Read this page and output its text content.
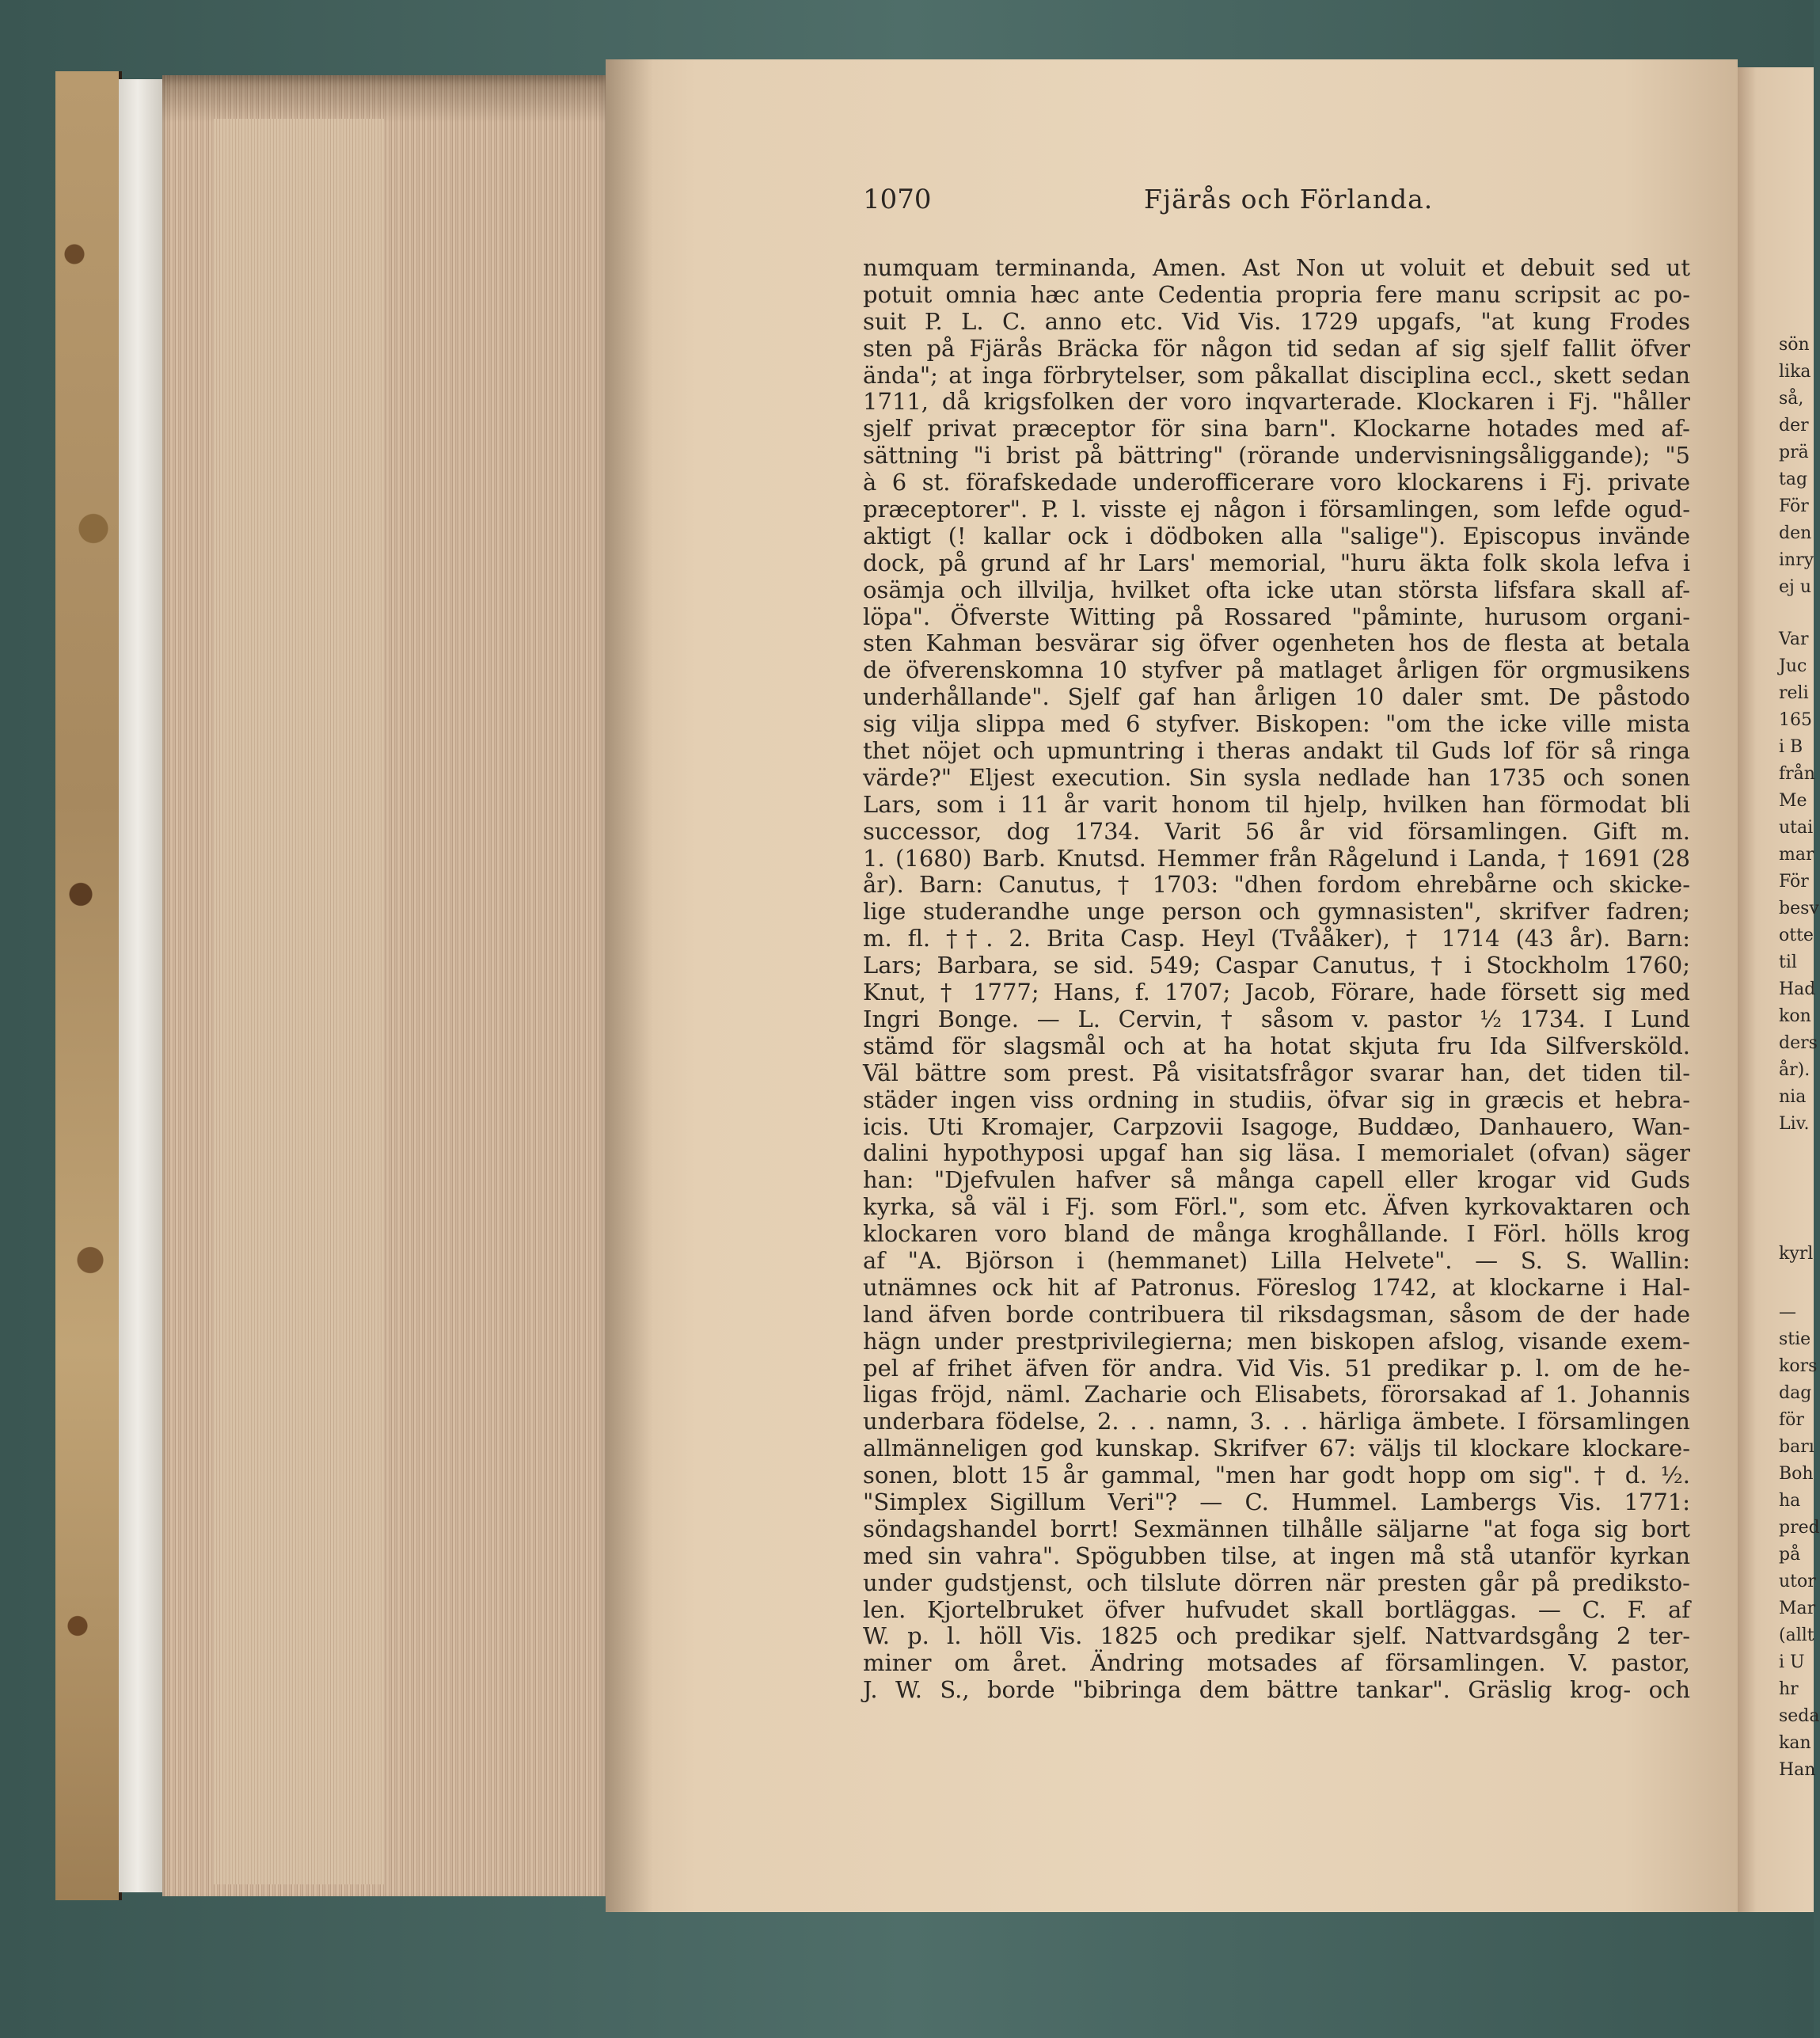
1070	Fjärås och Förlanda.
numquam terminanda, Amen. Ast Non ut voluit et debuit sed ut
potuit omnia hæc ante Cedentia propria fere manu scripsit ac po-
suit P. L. C. anno etc. Vid Vis. 1729 upgafs, "at kung Frodes
sten på Fjärås Bräcka för någon tid sedan af sig sjelf fallit öfver
ända"; at inga förbrytelser, som påkallat disciplina eccl., skett sedan
1711, då krigsfolken der voro inqvarterade. Klockaren i Fj. "håller
sjelf privat præceptor för sina barn". Klockarne hotades med af-
sättning "i brist på bättring" (rörande undervisningsåliggande); "5
à 6 st. förafskedade underofficerare voro klockarens i Fj. private
præceptorer". P. l. visste ej någon i församlingen, som lefde ogud-
aktigt (! kallar ock i dödboken alla "salige"). Episcopus invände
dock, på grund af hr Lars' memorial, "huru äkta folk skola lefva i
osämja och illvilja, hvilket ofta icke utan största lifsfara skall af-
löpa". Öfverste Witting på Rossared "påminte, hurusom organi-
sten Kahman besvärar sig öfver ogenheten hos de flesta at betala
de öfverenskomna 10 styfver på matlaget årligen för orgmusikens
underhållande". Sjelf gaf han årligen 10 daler smt. De påstodo
sig vilja slippa med 6 styfver. Biskopen: "om the icke ville mista
thet nöjet och upmuntring i theras andakt til Guds lof för så ringa
värde?" Eljest execution. Sin sysla nedlade han 1735 och sonen
Lars, som i 11 år varit honom til hjelp, hvilken han förmodat bli
successor, dog 1734. Varit 56 år vid församlingen. Gift m.
1. (1680) Barb. Knutsd. Hemmer från Rågelund i Landa, † 1691 (28
år). Barn: Canutus, † 1703: "dhen fordom ehrebårne och skicke-
lige studerandhe unge person och gymnasisten", skrifver fadren;
m. fl. ††. 2. Brita Casp. Heyl (Tvååker), † 1714 (43 år). Barn:
Lars; Barbara, se sid. 549; Caspar Canutus, † i Stockholm 1760;
Knut, † 1777; Hans, f. 1707; Jacob, Förare, hade försett sig med
Ingri Bonge. — L. Cervin, † såsom v. pastor ½ 1734. I Lund
stämd för slagsmål och at ha hotat skjuta fru Ida Silfversköld.
Väl bättre som prest. På visitatsfrågor svarar han, det tiden til-
städer ingen viss ordning in studiis, öfvar sig in græcis et hebra-
icis. Uti Kromajer, Carpzovii Isagoge, Buddæo, Danhauero, Wan-
dalini hypothyposi upgaf han sig läsa. I memorialet (ofvan) säger
han: "Djefvulen hafver så många capell eller krogar vid Guds
kyrka, så väl i Fj. som Förl.", som etc. Äfven kyrkovaktaren och
klockaren voro bland de många kroghållande. I Förl. hölls krog
af "A. Björson i (hemmanet) Lilla Helvete". — S. S. Wallin:
utnämnes ock hit af Patronus. Föreslog 1742, at klockarne i Hal-
land äfven borde contribuera til riksdagsman, såsom de der hade
hägn under prestprivilegierna; men biskopen afslog, visande exem-
pel af frihet äfven för andra. Vid Vis. 51 predikar p. l. om de he-
ligas fröjd, näml. Zacharie och Elisabets, förorsakad af 1. Johannis
underbara födelse, 2. . . namn, 3. . . härliga ämbete. I församlingen
allmänneligen god kunskap. Skrifver 67: väljs til klockare klockare-
sonen, blott 15 år gammal, "men har godt hopp om sig". † d. ½.
"Simplex Sigillum Veri"? — C. Hummel. Lambergs Vis. 1771:
söndagshandel borrt! Sexmännen tilhålle säljarne "at foga sig bort
med sin vahra". Spögubben tilse, at ingen må stå utanför kyrkan
under gudstjenst, och tilslute dörren när presten går på prediksto-
len. Kjortelbruket öfver hufvudet skall bortläggas. — C. F. af
W. p. l. höll Vis. 1825 och predikar sjelf. Nattvardsgång 2 ter-
miner om året. Ändring motsades af församlingen. V. pastor,
J. W. S., borde "bibringa dem bättre tankar". Gräslig krog- och
sön
lika
så,
der
prä
tag
För
den
inry
ej u
Var
Juc
reli
165
i B
från
Me
utai
mar
För
besv
otte
til
Had
kon
ders
år).
nia
Liv.
kyrl
—
stie
kors
dag
för
barı
Boh
ha
pred
på
utor
Mar
(allt
i U
hr
seda
kan
Han
